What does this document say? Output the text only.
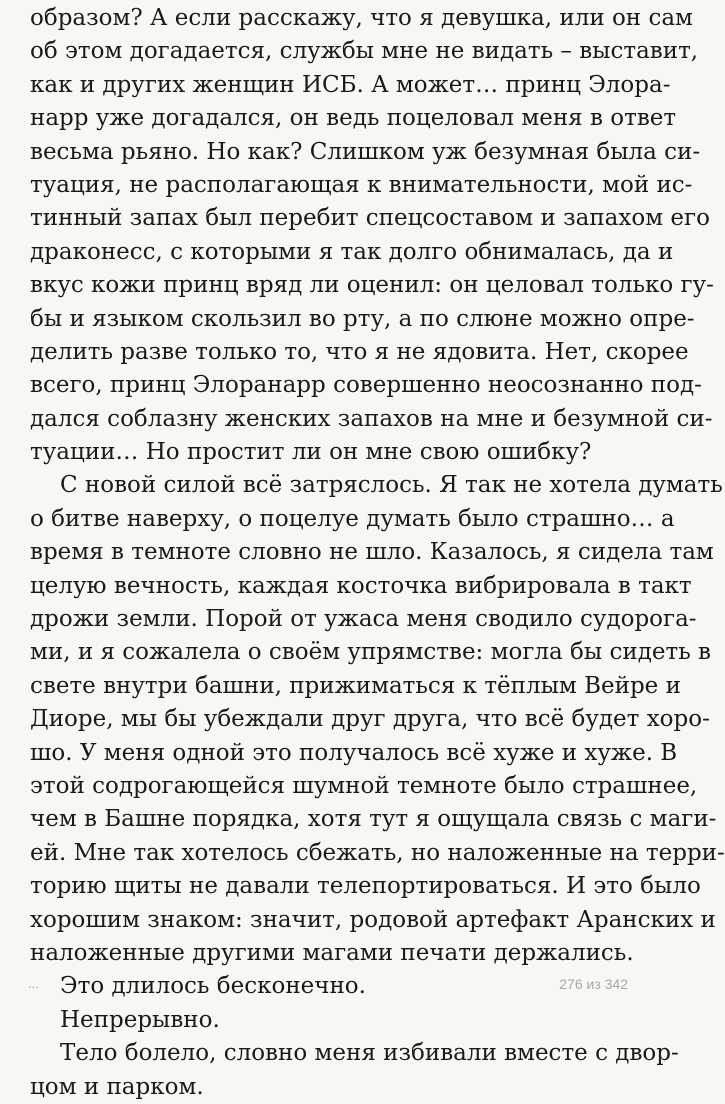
образом? А если расскажу, что я девушка, или он сам
об этом догадается, службы мне не видать – выставит,
как и других женщин ИСБ. А может… принц Элора-
нарр уже догадался, он ведь поцеловал меня в ответ
весьма рьяно. Но как? Слишком уж безумная была си-
туация, не располагающая к внимательности, мой ис-
тинный запах был перебит спецсоставом и запахом его
драконесс, с которыми я так долго обнималась, да и
вкус кожи принц вряд ли оценил: он целовал только гу-
бы и языком скользил во рту, а по слюне можно опре-
делить разве только то, что я не ядовита. Нет, скорее
всего, принц Элоранарр совершенно неосознанно под-
дался соблазну женских запахов на мне и безумной си-
туации… Но простит ли он мне свою ошибку?
С новой силой всё затряслось. Я так не хотела думать
о битве наверху, о поцелуе думать было страшно… а
время в темноте словно не шло. Казалось, я сидела там
целую вечность, каждая косточка вибрировала в такт
дрожи земли. Порой от ужаса меня сводило судорога-
ми, и я сожалела о своём упрямстве: могла бы сидеть в
свете внутри башни, прижиматься к тёплым Вейре и
Диоре, мы бы убеждали друг друга, что всё будет хоро-
шо. У меня одной это получалось всё хуже и хуже. В
этой содрогающейся шумной темноте было страшнее,
чем в Башне порядка, хотя тут я ощущала связь с маги-
ей. Мне так хотелось сбежать, но наложенные на терри-
торию щиты не давали телепортироваться. И это было
хорошим знаком: значит, родовой артефакт Аранских и
наложенные другими магами печати держались.
Это длилось бесконечно.
Непрерывно.
Тело болело, словно меня избивали вместе с двор-
цом и парком.
...	276 из 342
